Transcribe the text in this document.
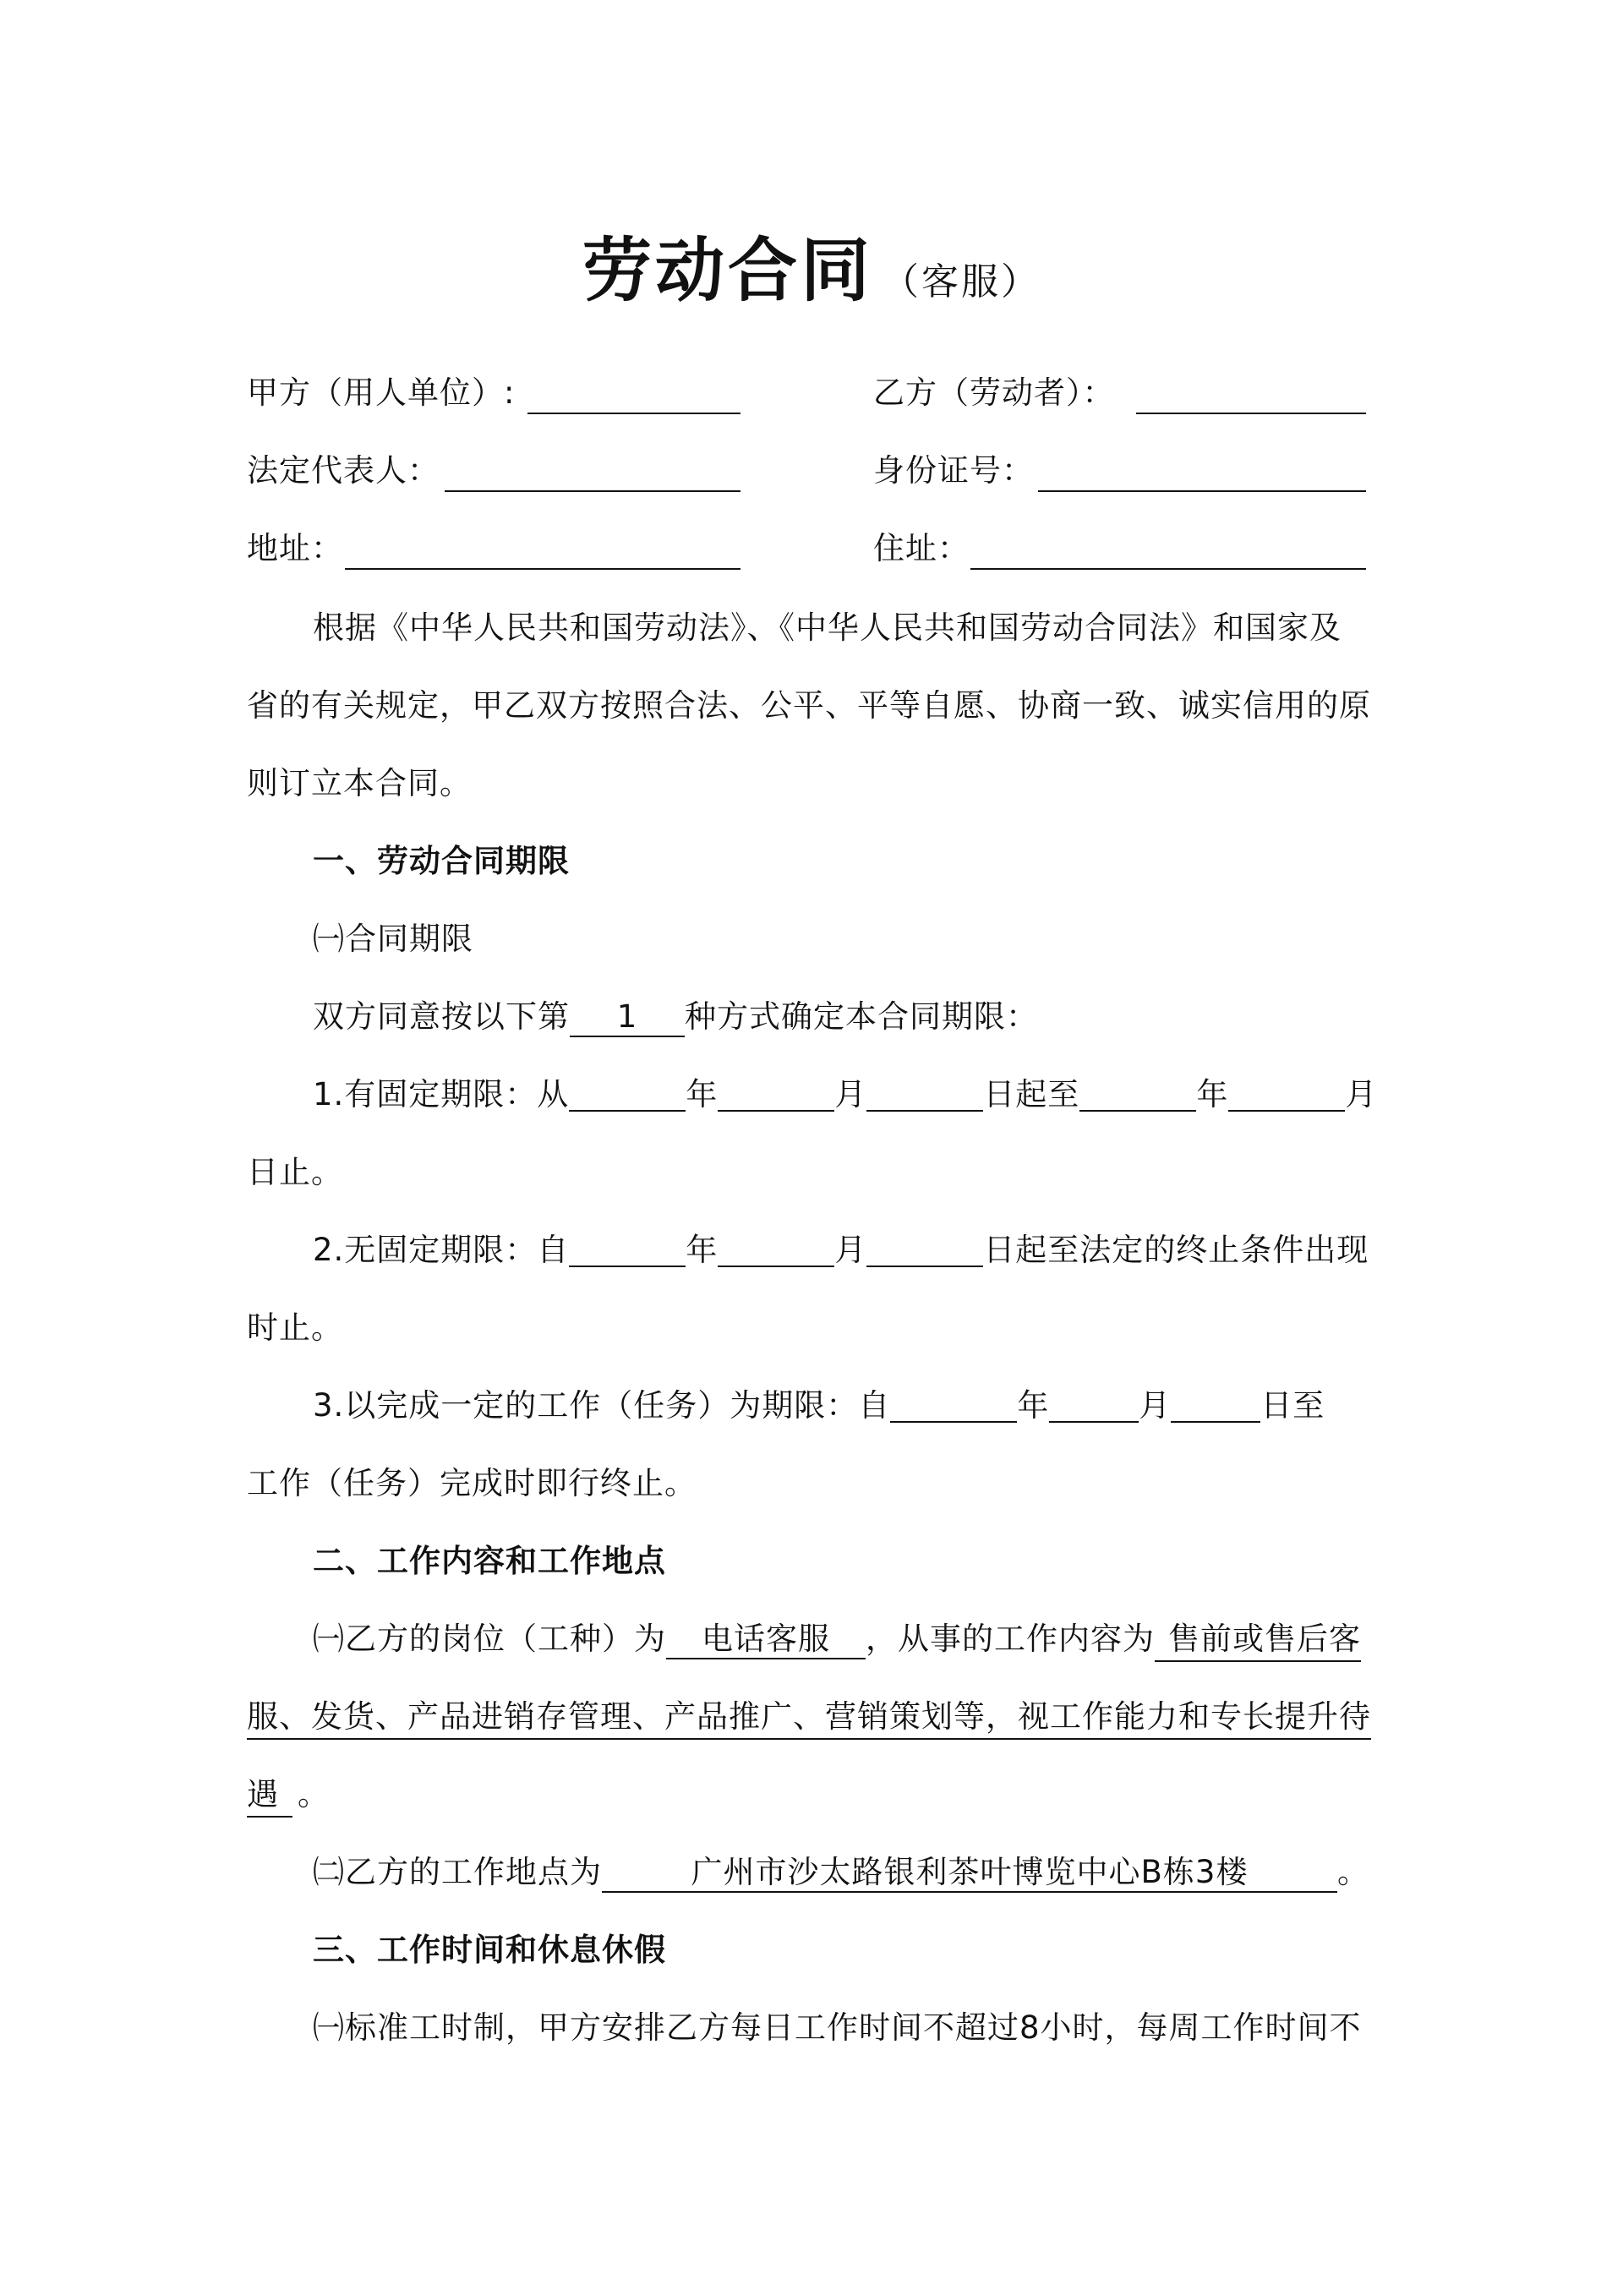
劳动合同 （客服）
甲方（用人单位）:	乙方（劳动者）：
法定代表人：	身份证号：
地址：	住址：
根据《中华人民共和国劳动法》、《中华人民共和国劳动合同法》和国家及
省的有关规定，甲乙双方按照合法、公平、平等自愿、协商一致、诚实信用的原
则订立本合同。
一、劳动合同期限
㈠合同期限
双方同意按以下第 1 种方式确定本合同期限：
1.有固定期限：从	年	月	日起至	年	月
日止。
2.无固定期限：自	年	月	日起至法定的终止条件出现
时止。
3.以完成一定的工作（任务）为期限：自	年	月	日至
工作（任务）完成时即行终止。
二、工作内容和工作地点
㈠乙方的岗位（工种）为 电话客服 ，从事的工作内容为 售前或售后客
服、发货、产品进销存管理、产品推广、营销策划等，视工作能力和专长提升待
遇 。
㈡乙方的工作地点为	广州市沙太路银利茶叶博览中心B栋3楼	。
三、工作时间和休息休假
㈠标准工时制，甲方安排乙方每日工作时间不超过8小时，每周工作时间不
